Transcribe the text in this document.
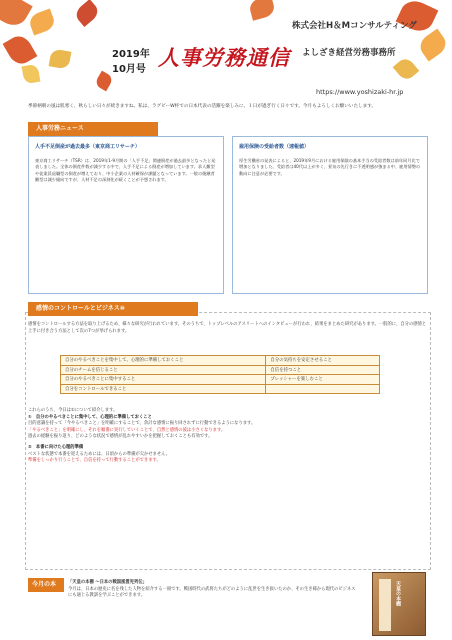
株式会社H＆Mコンサルティング
2019年
10月号 人事労務通信 よしざき経営労務事務所
https://www.yoshizaki-hr.jp
季節柄朝の風は肌寒く、秋らしい日々が続きますね。私は、ラグビーW杯での日本代表の活躍を楽しみに、１日が過ぎ行く日々です。今月もよろしくお願いいたします。
人事労務ニュース
人手不足倒産が過去最多（東京商工リサーチ）
東京商工リサーチ（TSR）は、2019年1-9月期の「人手不足」関連倒産が過去最多となったと発表しました。全体の倒産件数が減少する中で、人手不足による倒産が増加しています。求人難型や従業員退職型の倒産が増えており、中小企業の人材確保が課題となっています。一般の後継者難型は減少傾向ですが、人材不足の深刻化が続くことが予想されます。
雇用保険の受給者数（速報値）
厚生労働省の発表によると、2019年9月における雇用保険の基本手当の受給者数は前年同月比で増加となりました。受給者は40代以上が多く、景気の先行きに不透明感が強まる中、雇用情勢の動向に注意が必要です。
感情のコントロールとビジネス⑩
感情をコントロールする方法を取り上げるため、様々な研究が行われています。そのうちで、トップレベルのアスリートへのインタビューが行われ、結果をまとめた研究があります。一般的に、自分の感情と上手に付き合う方法として次の7つが挙げられます。
自分のやるべきことを集中して、心理的に準備しておくこと	自分の気持ちを安定させること
自分のチームを信じること	自信を持つこと
自分のやるべきことに集中すること	プレッシャーを楽しむこと
自分をコントロールできること	
これらのうち、今日は①について紹介します。
①　自分のやるべきことに集中して、心理的に準備しておくこと
目的意識を持って「今やるべきこと」を明確にすることで、余計な感情に振り回されずに行動できるようになります。
「やるべきこと」を明確にし、それを順番に実行していくことで、自然と感情の波は小さくなります。
過去の経験を振り返り、どのような状況で感情が乱れやすいかを把握しておくことも有効です。
②　本番に向けた心理的準備
ベストな状態で本番を迎えるためには、日頃からの準備が欠かせません。
準備をしっかり行うことで、自信を持って行動することができます。
今月の本	「天皇の本棚 ～日本の戦国風雲児列伝」
今月は、日本の歴史に名を残した人物を紹介する一冊です。戦国時代の武将たちがどのように乱世を生き抜いたのか、その生き様から現代のビジネスにも通じる教訓を学ぶことができます。	天皇の本棚
